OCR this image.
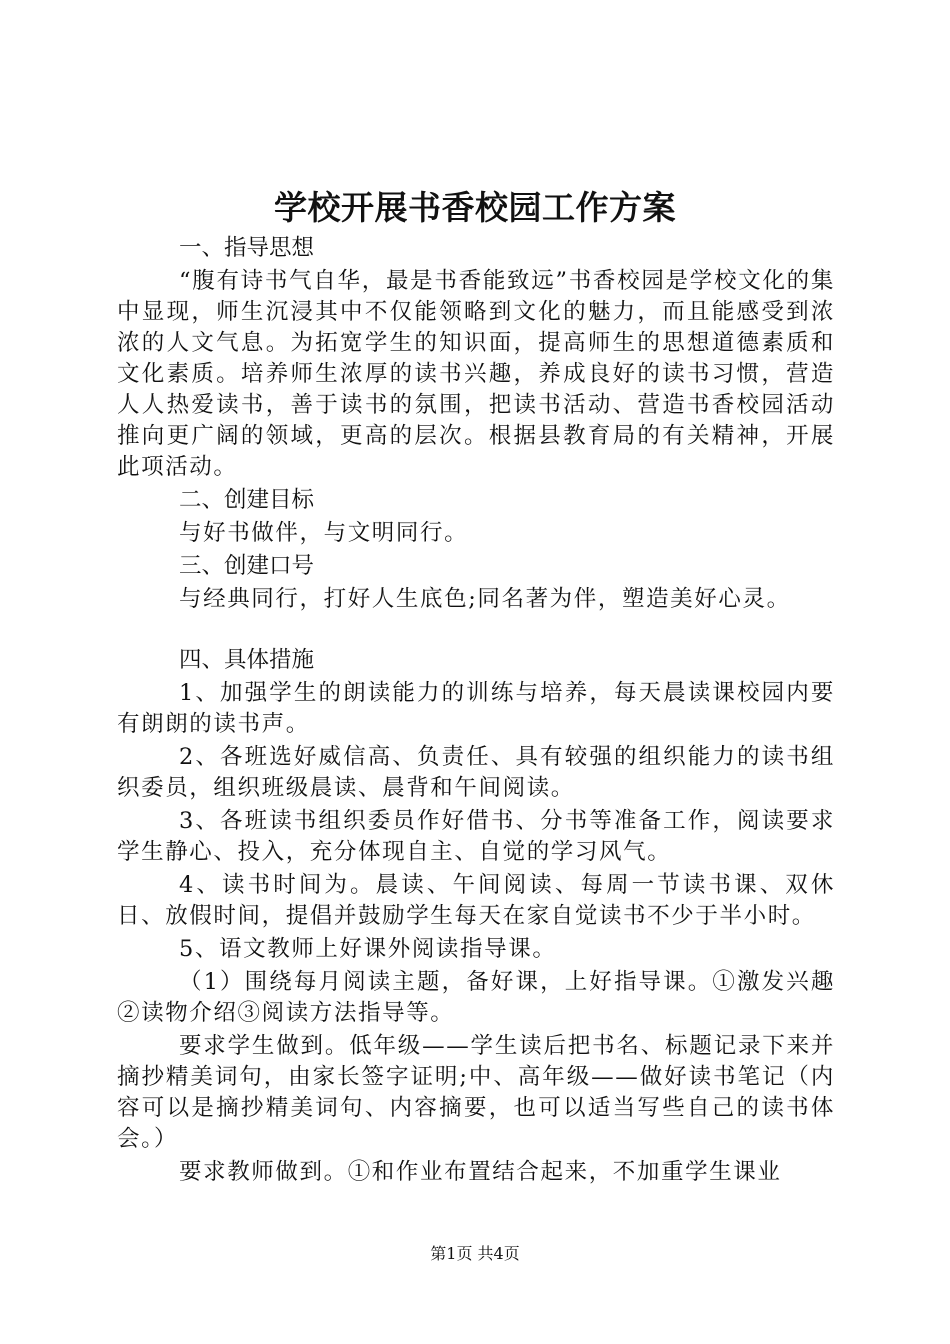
学校开展书香校园工作方案
一、指导思想
“腹有诗书气自华，最是书香能致远”书香校园是学校文化的集中显现，师生沉浸其中不仅能领略到文化的魅力，而且能感受到浓浓的人文气息。为拓宽学生的知识面，提高师生的思想道德素质和文化素质。培养师生浓厚的读书兴趣，养成良好的读书习惯，营造人人热爱读书，善于读书的氛围，把读书活动、营造书香校园活动推向更广阔的领域，更高的层次。根据县教育局的有关精神，开展此项活动。
二、创建目标
与好书做伴，与文明同行。
三、创建口号
与经典同行，打好人生底色;同名著为伴，塑造美好心灵。
四、具体措施
1、加强学生的朗读能力的训练与培养，每天晨读课校园内要有朗朗的读书声。
2、各班选好威信高、负责任、具有较强的组织能力的读书组织委员，组织班级晨读、晨背和午间阅读。
3、各班读书组织委员作好借书、分书等准备工作，阅读要求学生静心、投入，充分体现自主、自觉的学习风气。
4、读书时间为。晨读、午间阅读、每周一节读书课、双休日、放假时间，提倡并鼓励学生每天在家自觉读书不少于半小时。
5、语文教师上好课外阅读指导课。
（1）围绕每月阅读主题，备好课，上好指导课。①激发兴趣②读物介绍③阅读方法指导等。
要求学生做到。低年级——学生读后把书名、标题记录下来并摘抄精美词句，由家长签字证明;中、高年级——做好读书笔记（内容可以是摘抄精美词句、内容摘要，也可以适当写些自己的读书体会。）
要求教师做到。①和作业布置结合起来，不加重学生课业
第1页 共4页
